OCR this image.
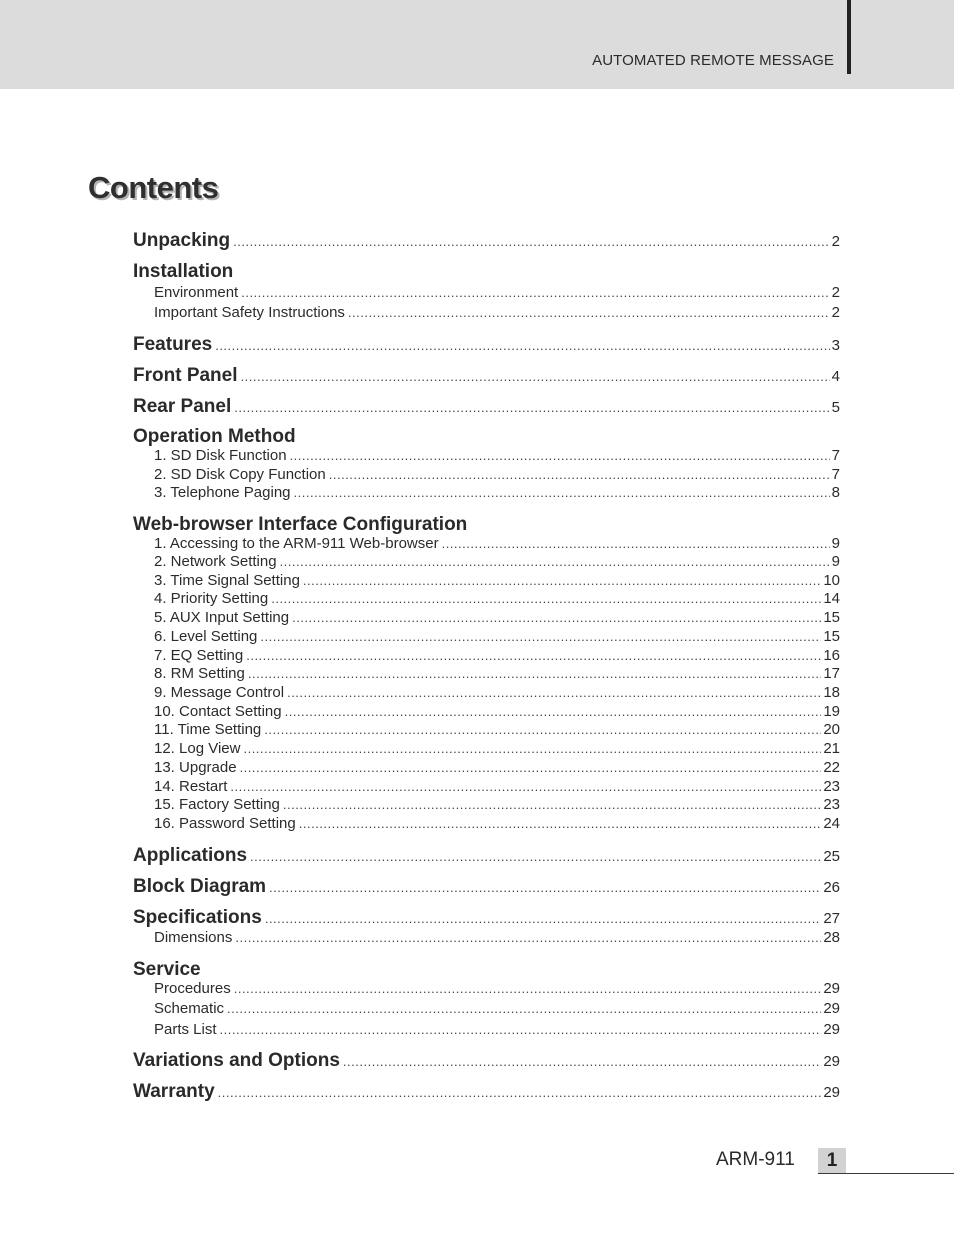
AUTOMATED REMOTE MESSAGE
Contents
Unpacking .....	2
Installation
Environment .....	2
Important Safety Instructions .....	2
Features .....	3
Front Panel .....	4
Rear Panel .....	5
Operation Method
1. SD Disk Function .....	7
2. SD Disk Copy Function .....	7
3. Telephone Paging .....	8
Web-browser Interface Configuration
1. Accessing to the ARM-911 Web-browser .....	9
2. Network Setting .....	9
3. Time Signal Setting .....	10
4. Priority Setting .....	14
5. AUX Input Setting .....	15
6. Level Setting .....	15
7. EQ Setting .....	16
8. RM Setting .....	17
9. Message Control .....	18
10. Contact Setting .....	19
11. Time Setting .....	20
12. Log View .....	21
13. Upgrade .....	22
14. Restart .....	23
15. Factory Setting .....	23
16. Password Setting .....	24
Applications .....	25
Block Diagram .....	26
Specifications .....	27
Dimensions .....	28
Service
Procedures .....	29
Schematic .....	29
Parts List .....	29
Variations and Options .....	29
Warranty .....	29
ARM-911	1
